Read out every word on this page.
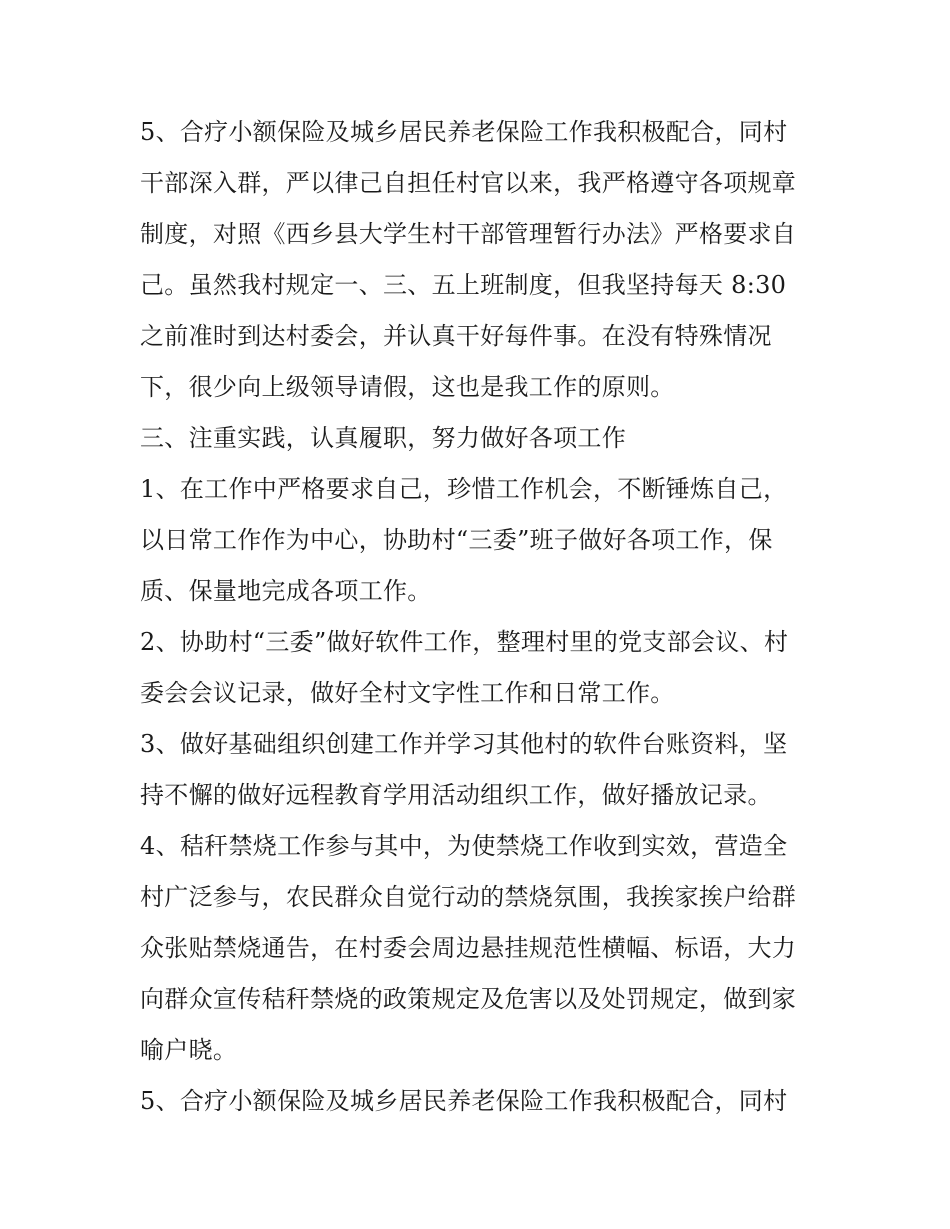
5、合疗小额保险及城乡居民养老保险工作我积极配合，同村
干部深入群，严以律己自担任村官以来，我严格遵守各项规章
制度，对照《西乡县大学生村干部管理暂行办法》严格要求自
己。虽然我村规定一、三、五上班制度，但我坚持每天 8:30
之前准时到达村委会，并认真干好每件事。在没有特殊情况
下，很少向上级领导请假，这也是我工作的原则。
三、注重实践，认真履职，努力做好各项工作
1、在工作中严格要求自己，珍惜工作机会，不断锤炼自己，
以日常工作作为中心，协助村“三委”班子做好各项工作，保
质、保量地完成各项工作。
2、协助村“三委”做好软件工作，整理村里的党支部会议、村
委会会议记录，做好全村文字性工作和日常工作。
3、做好基础组织创建工作并学习其他村的软件台账资料，坚
持不懈的做好远程教育学用活动组织工作，做好播放记录。
4、秸秆禁烧工作参与其中，为使禁烧工作收到实效，营造全
村广泛参与，农民群众自觉行动的禁烧氛围，我挨家挨户给群
众张贴禁烧通告，在村委会周边悬挂规范性横幅、标语，大力
向群众宣传秸秆禁烧的政策规定及危害以及处罚规定，做到家
喻户晓。
5、合疗小额保险及城乡居民养老保险工作我积极配合，同村
